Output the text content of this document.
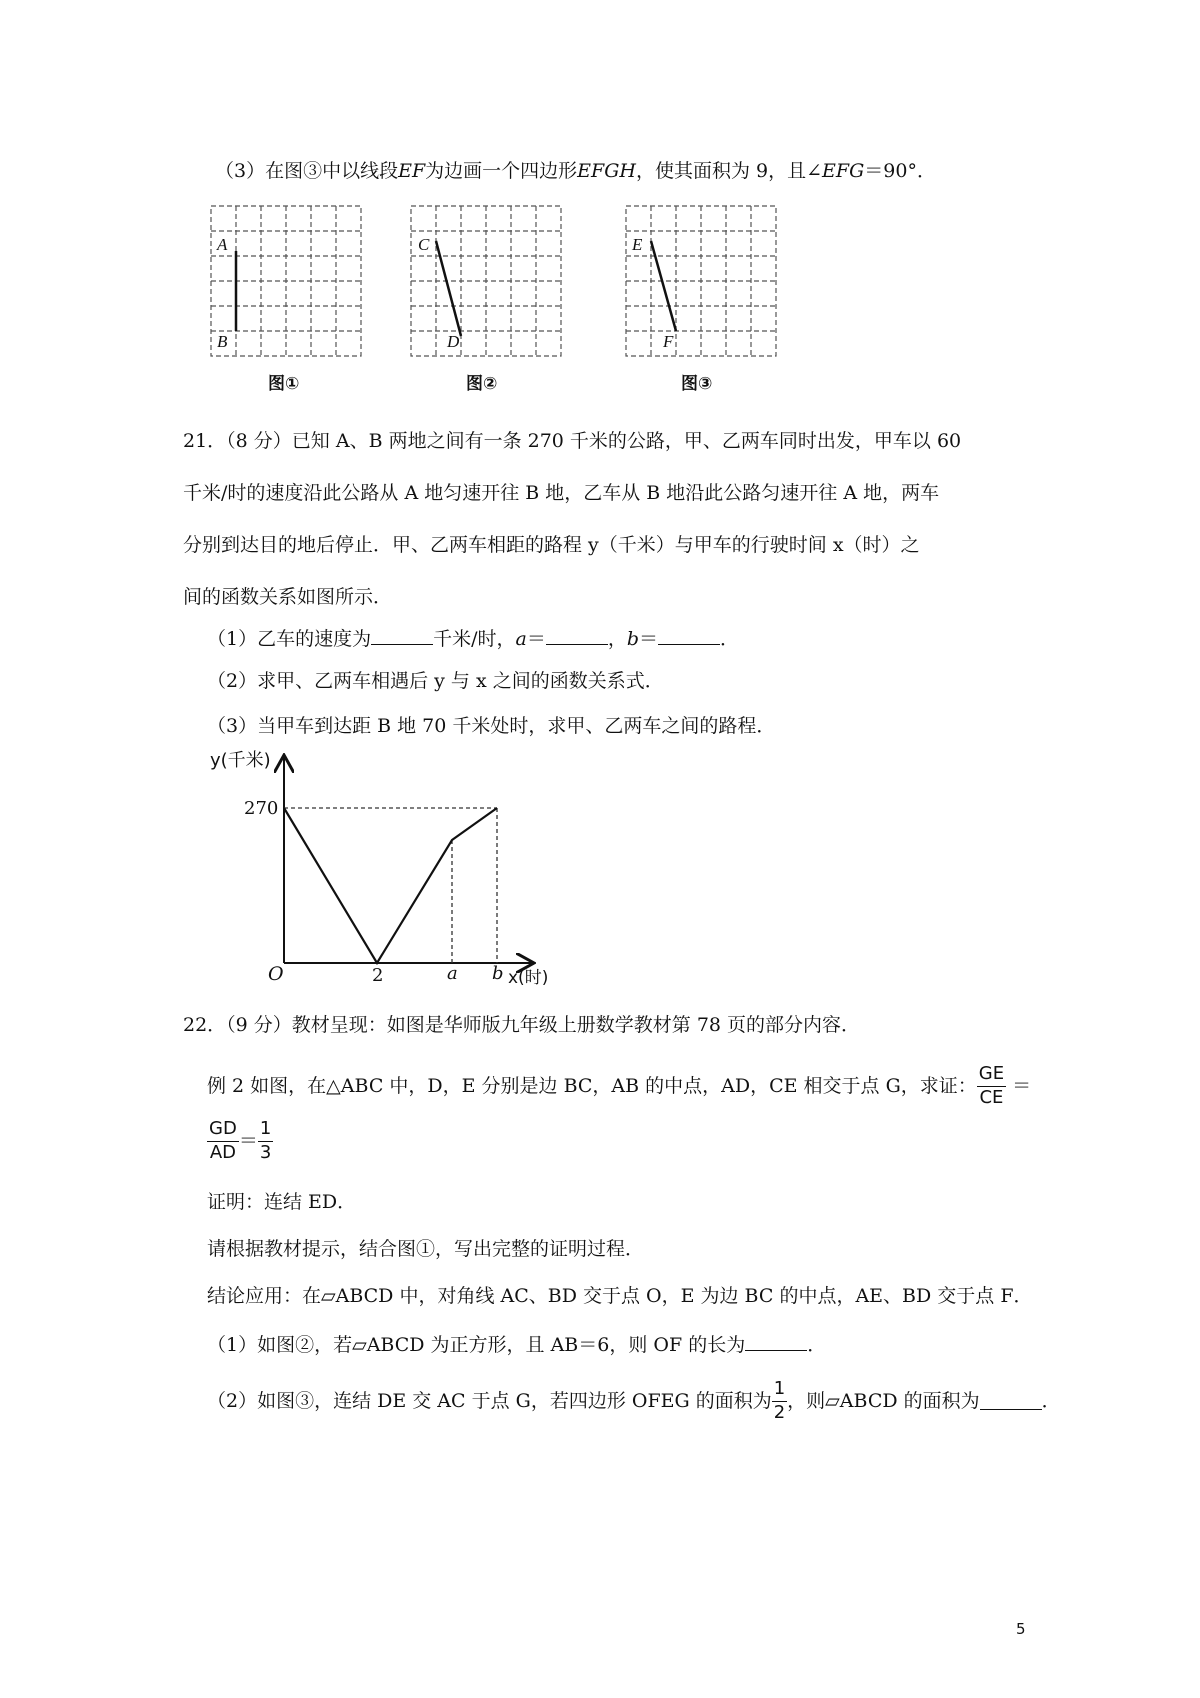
（3）在图③中以线段EF为边画一个四边形EFGH，使其面积为 9，且∠EFG＝90°．
A
B
图①
C
D
图②
E
F
图③
21．（8 分）已知 A、B 两地之间有一条 270 千米的公路，甲、乙两车同时出发，甲车以 60
千米/时的速度沿此公路从 A 地匀速开往 B 地，乙车从 B 地沿此公路匀速开往 A 地，两车
分别到达目的地后停止．甲、乙两车相距的路程 y（千米）与甲车的行驶时间 x（时）之
间的函数关系如图所示．
（1）乙车的速度为	千米/时，a＝	，b＝	．
（2）求甲、乙两车相遇后 y 与 x 之间的函数关系式．
（3）当甲车到达距 B 地 70 千米处时，求甲、乙两车之间的路程．
y(千米)
270
O	2	a b x(时)
22．（9 分）教材呈现：如图是华师版九年级上册数学教材第 78 页的部分内容．
例 2 如图，在△ABC 中，D，E 分别是边 BC，AB 的中点，AD，CE 相交于点 G，求证： $\frac{GE}{CE}$ ＝
$\frac{GD}{AD} = \frac{1}{3}$
证明：连结 ED．
请根据教材提示，结合图①，写出完整的证明过程．
结论应用：在▱ABCD 中，对角线 AC、BD 交于点 O，E 为边 BC 的中点，AE、BD 交于点 F．
（1）如图②，若▱ABCD 为正方形，且 AB＝6，则 OF 的长为	．
（2）如图③，连结 DE 交 AC 于点 G，若四边形 OFEG 的面积为 $\frac{1}{2}$ ，则▱ABCD 的面积为	．
5
